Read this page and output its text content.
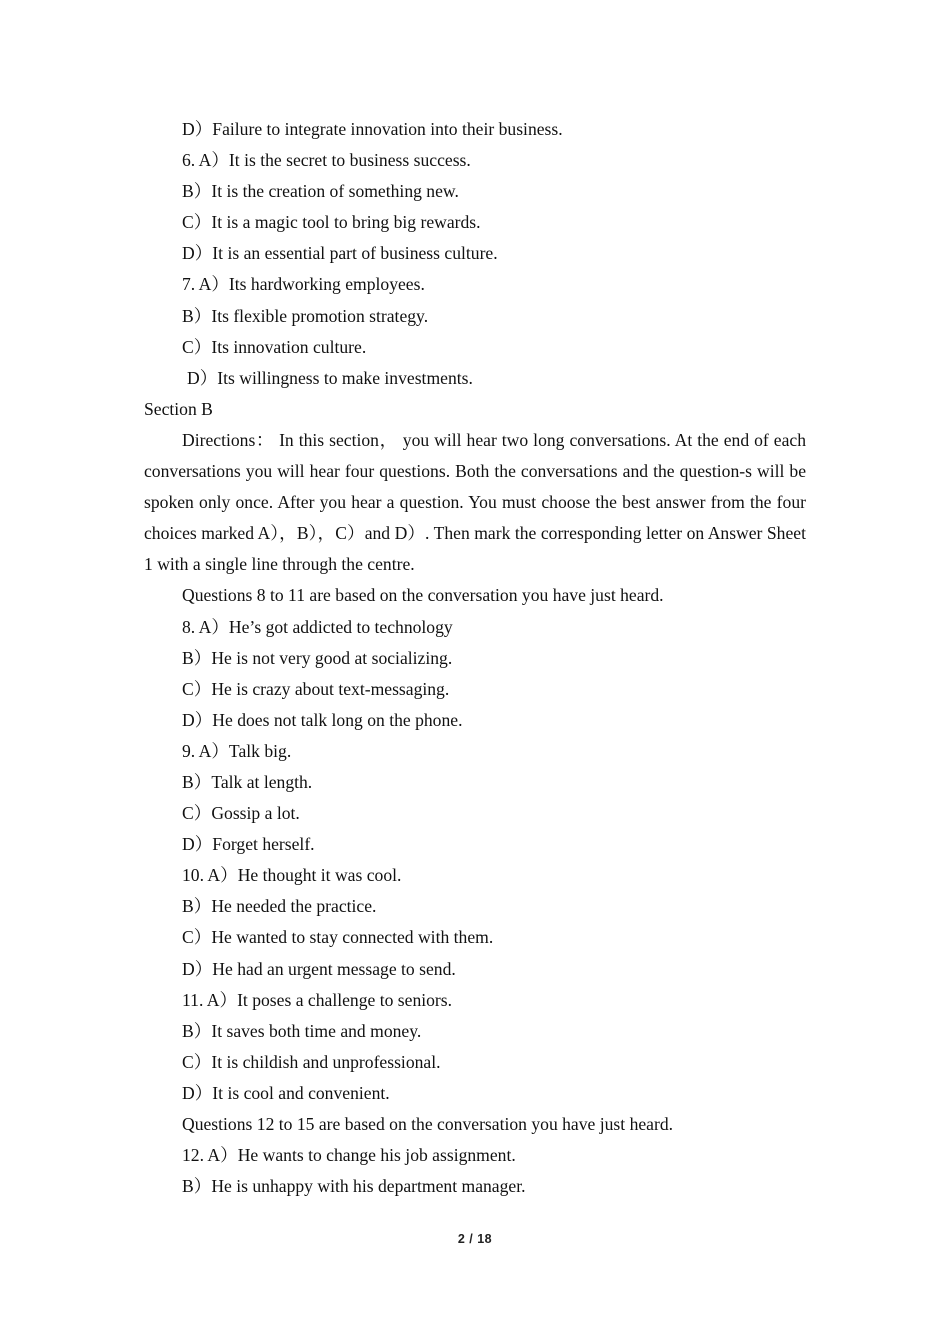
D）Failure to integrate innovation into their business.
6. A）It is the secret to business success.
B）It is the creation of something new.
C）It is a magic tool to bring big rewards.
D）It is an essential part of business culture.
7. A）Its hardworking employees.
B）Its flexible promotion strategy.
C）Its innovation culture.
D）Its willingness to make investments.
Section B
Directions： In this section， you will hear two long conversations. At the end of each conversations you will hear four questions. Both the conversations and the question-s will be spoken only once. After you hear a question. You must choose the best answer from the four choices marked A），B），C）and D）. Then mark the corresponding letter on Answer Sheet 1 with a single line through the centre.
Questions 8 to 11 are based on the conversation you have just heard.
8. A）He’s got addicted to technology
B）He is not very good at socializing.
C）He is crazy about text-messaging.
D）He does not talk long on the phone.
9. A）Talk big.
B）Talk at length.
C）Gossip a lot.
D）Forget herself.
10. A）He thought it was cool.
B）He needed the practice.
C）He wanted to stay connected with them.
D）He had an urgent message to send.
11. A）It poses a challenge to seniors.
B）It saves both time and money.
C）It is childish and unprofessional.
D）It is cool and convenient.
Questions 12 to 15 are based on the conversation you have just heard.
12. A）He wants to change his job assignment.
B）He is unhappy with his department manager.
2 / 18
